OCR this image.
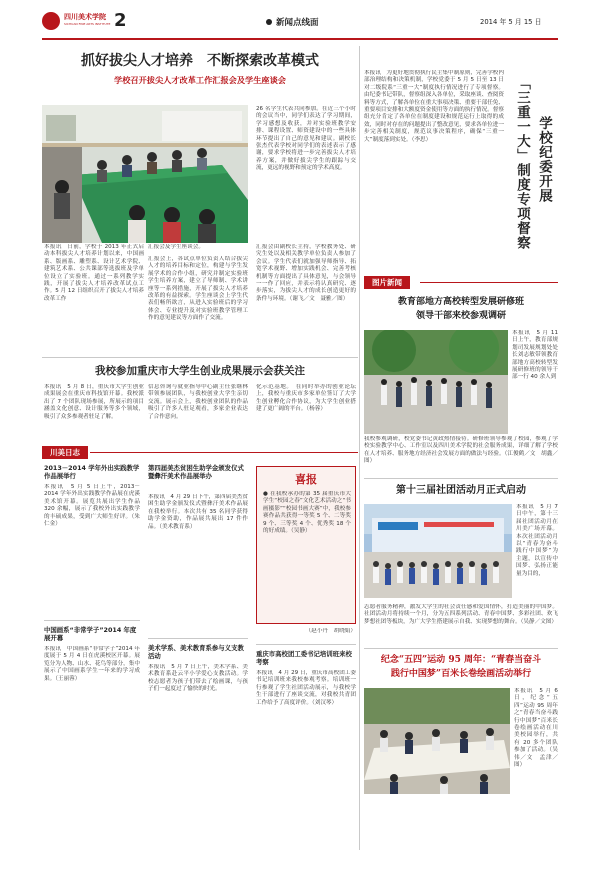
四川美术学院
SICHUAN FINE ARTS INSTITUTE 2	新闻点线面	2014 年 5 月 15 日
抓好拔尖人才培养　不断探索改革模式
学校召开拔尖人才改革工作汇报会及学生座谈会
本报讯　日前，学校于 2013 年正式启动本科拔尖人才培养计划以来，中国画系、版画系、雕塑系、设计艺术学院、建筑艺术系、公共课部等选拔班及学单位设立了实验班。通过一系列教学实践，开展了拔尖人才培养改革试点工作。5 月 12 日组织召开了拔尖人才培养改革工作
汇报会及学生座谈会。
汇报会上，各试点单位负责人结合拔尖人才的培养目标和定位，构建与学生发展学术的合作小组，研究并制定实验班学生培养方案，建立了导师制、学术讲座等一系列措施，开展了拔尖人才培养改革的有益探索。学生座谈会上学生代表们畅所欲言，从进入实验班后的学习体会、专业提升及对实验班教学管理工作的意见建议等方面作了交流。
26 名学生代表共同参加。在近三个小时的会议当中，同学们表达了学习期间，学习感想及收获，并对实验班教学安排、课程设置、师资建设中的一些具体环节提出了自己的意见和建议。副校长张杰代表学校对同学们的表述表示了感谢，要求学校将进一步完善拔尖人才培养方案，并做好拔尖学生的跟踪与交流，更远的视野和预定的学术高度。
汇报会由副校长主持，学校教务处、研究生处以及相关教学单位负责人参加了会议。学生代表们就加强导师指导、拓宽学术视野、增加实践机会、完善考核机制等方面提出了具体意见，与会领导一一作了回应，并表示将认真研究、逐步落实，为拔尖人才的成长创造更好的条件与环境。（谢飞／文　聂雅／图）
本报讯　为更好地贯彻执行民主集中制原则，完善学校内部治理结构和决策机制，学校党委于 5 月 5 日至 13 日对二级院系“三重一大”制度执行情况进行了专项督察。由纪委书记带队，督察组深入各单位，采取座谈、查阅资料等方式，了解各单位在重大事项决策、重要干部任免、重要项目安排和大额度资金使用等方面的执行情况。督察组充分肯定了各单位在制度建设和规范运行上取得的成效，同时对存在的问题提出了整改意见，要求各单位进一步完善相关制度，规范议事决策程序，确保“三重一大”制度落到实处。（李思）	「三重一大」制度专项督察 学校纪委开展
图片新闻
教育部地方高校转型发展研修班
领导干部来校参观调研
本报讯　5 月 11 日上午，教育部规划司发展规划处处长刘志敏带领教育部地方高校转型发展研修班的领导干部一行 40 余人到
我校参观调研，校党委书记黄政热情接待。研修班领导参观了校园，参观了学校实验教学中心、工作室以及四川美术学院的社会服务成果，详细了解了学校在人才培养、服务地方经济社会发展方面的做法与经验。（江俊鹤／文　胡鑫／图）
第十三届社团活动月正式启动
本报讯　5 月 7 日中午，第十三届社团活动月在川美广场开幕。本次社团活动月以“青春为奋斗践行中国梦”为主题，以宣传中国梦、弘扬正能量为目的，
志愿者服务精神，激发大学生的社会责任感和爱国情怀，打造美丽的中国梦。社团活动月将持续一个月，分为五四系列活动、青春中国梦、多彩社团、欢飞梦想社团等板块，为广大学生搭建展示自我、实现梦想的舞台。（吴静／文图）
纪念“五四”运动 95 周年：“青春当奋斗
践行中国梦”百米长卷绘画活动举行
本报讯　5 月 6 日，纪念“五四”运动 95 周年之“青春当奋斗践行中国梦”百米长卷绘画活动在川美校园举行，共有 20 多个团队参加了活动。（吴伟／文　孟津／图）
我校参加重庆市大学生创业成果展示会获关注
本报讯　5 月 8 日，重庆市大学生创业成果展会在重庆市科技馆开幕。我校派出了 7 个团队现场参展，所展示的项目涵盖文化创意、设计服务等多个领域，吸引了众多参观者驻足了解。
信息咨询与就业指导中心副主任张继林带领参展团队，与我校创业大学生亲切交流。展示会上，我校创业团队的作品吸引了许多人驻足观看，多家企业表达了合作意向。
化示范基地。　在同时举办的创业论坛上，我校与重庆市多家单位签订了大学生创业孵化合作协议，为大学生创业搭建了更广阔的平台。（杨蓉）
川美日志
2013－2014 学年外出实践教学作品展举行
本报讯　5 月 5 日上午，2013－2014 学年外出实践教学作品展在虎溪美术馆开幕。展览共展出学生作品 320 余幅，展示了我校外出实践教学的丰硕成果，受到广大师生好评。（朱仁金）
中国画系“非常学子”2014 年度展开幕
本报讯　中国画系“非常学子”2014 年度展于 5 月 4 日在虎溪校区开幕。展览分为人物、山水、花鸟等部分，集中展示了中国画系学生一年来的学习成果。（王丽蓉）
第四届美杰贫困生助学金颁发仪式暨彝汗美术作品展举办
本报讯　4 月 29 日下午，第四届美杰贫困生助学金颁发仪式暨彝汗美术作品展在我校举行。本次共有 35 名同学获得助学金资助，作品展共展出 17 件作品。（美术教育系）
美术学系、美术教育系参与义支教活动
本报讯　5 月 7 日上午，美术学系、美术教育系赴云平小学爱心支教活动。学校志愿者为孩子们带去了绘画课，与孩子们一起度过了愉快的时光。
喜报
● 在我校承办的第 35 届重庆市大学生“校园之春”文化艺术活动之“书画摄影”“校园书画大赛”中，我校参赛作品共获得一等奖 5 个、二等奖 9 个、三等奖 4 个、优秀奖 18 个的好成绩。（吴静）
（赵小丹　胡晓娟）
重庆市高校团工委书记培训班来校考察
本报讯　4 月 29 日，重庆市高校团工委书记培训班来我校参观考察。培训班一行参观了学生社团活动展示，与我校学生干部进行了座谈交流，对我校共青团工作给予了高度评价。（刘汉琴）
